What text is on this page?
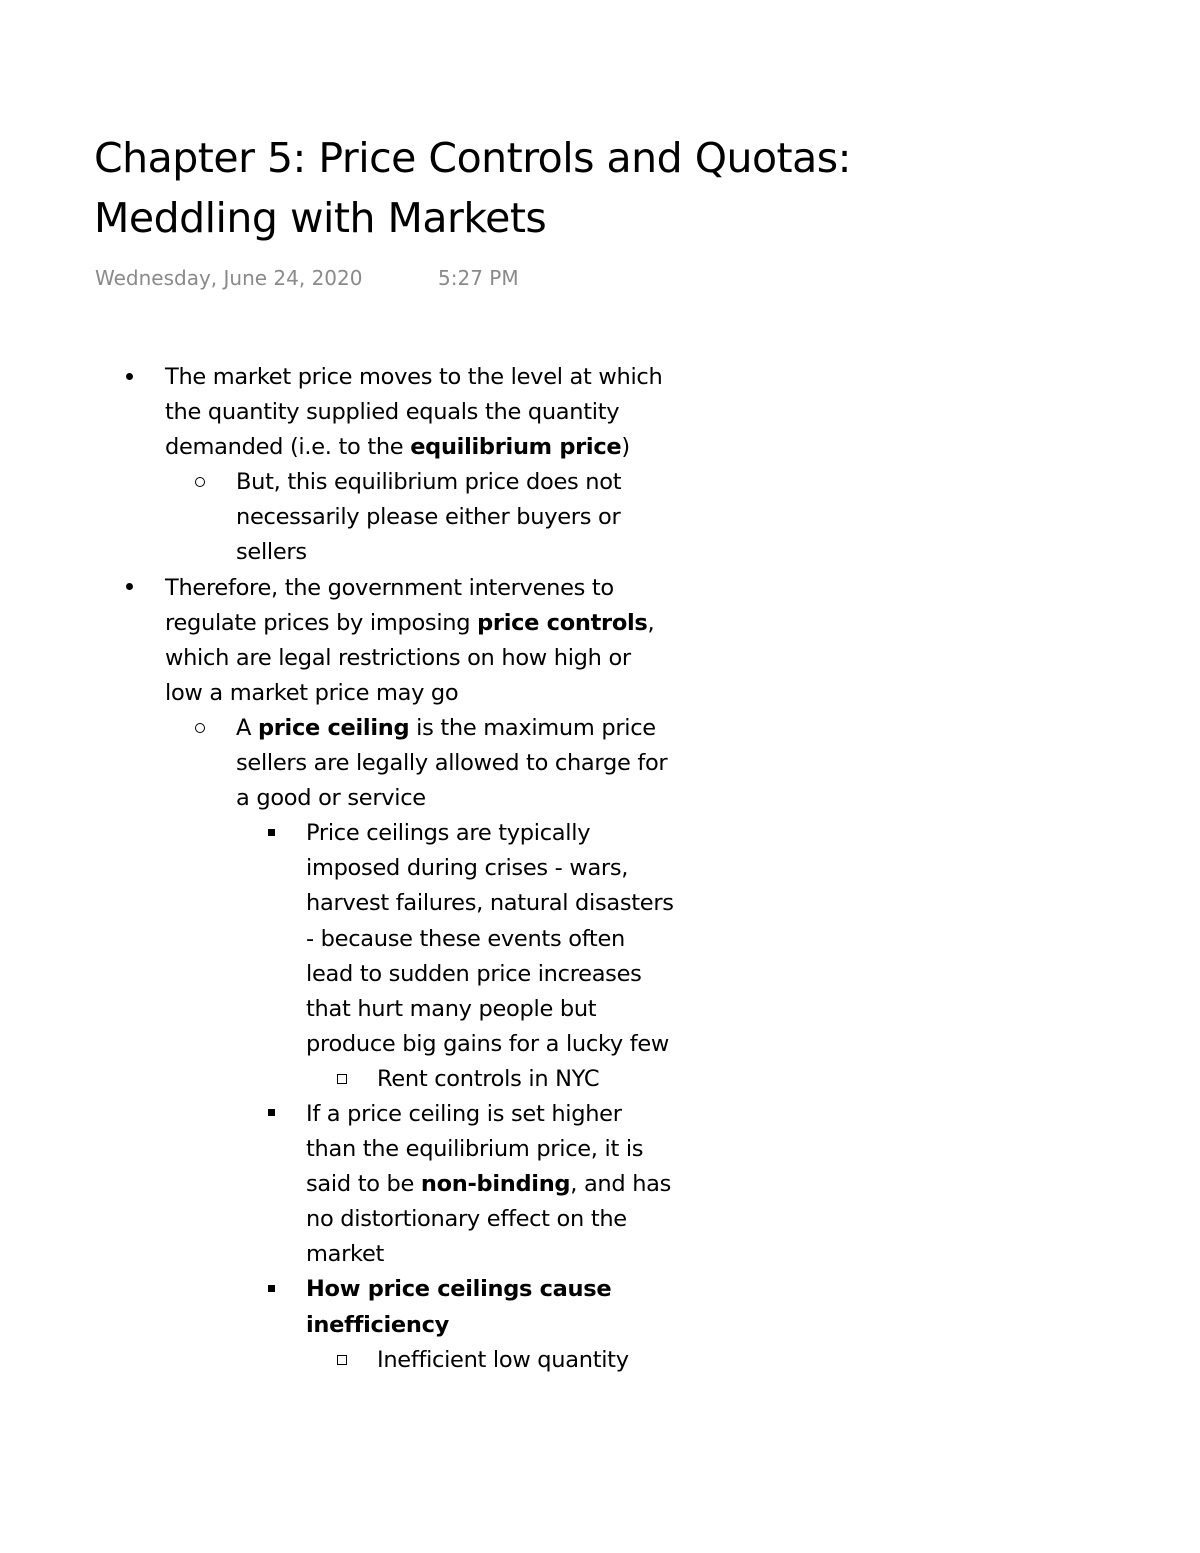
Chapter 5: Price Controls and Quotas: Meddling with Markets
Wednesday, June 24, 2020	5:27 PM
The market price moves to the level at which the quantity supplied equals the quantity demanded (i.e. to the equilibrium price)
But, this equilibrium price does not necessarily please either buyers or sellers
Therefore, the government intervenes to regulate prices by imposing price controls, which are legal restrictions on how high or low a market price may go
A price ceiling is the maximum price sellers are legally allowed to charge for a good or service
Price ceilings are typically imposed during crises - wars, harvest failures, natural disasters - because these events often lead to sudden price increases that hurt many people but produce big gains for a lucky few
Rent controls in NYC
If a price ceiling is set higher than the equilibrium price, it is said to be non-binding, and has no distortionary effect on the market
How price ceilings cause inefficiency
Inefficient low quantity
